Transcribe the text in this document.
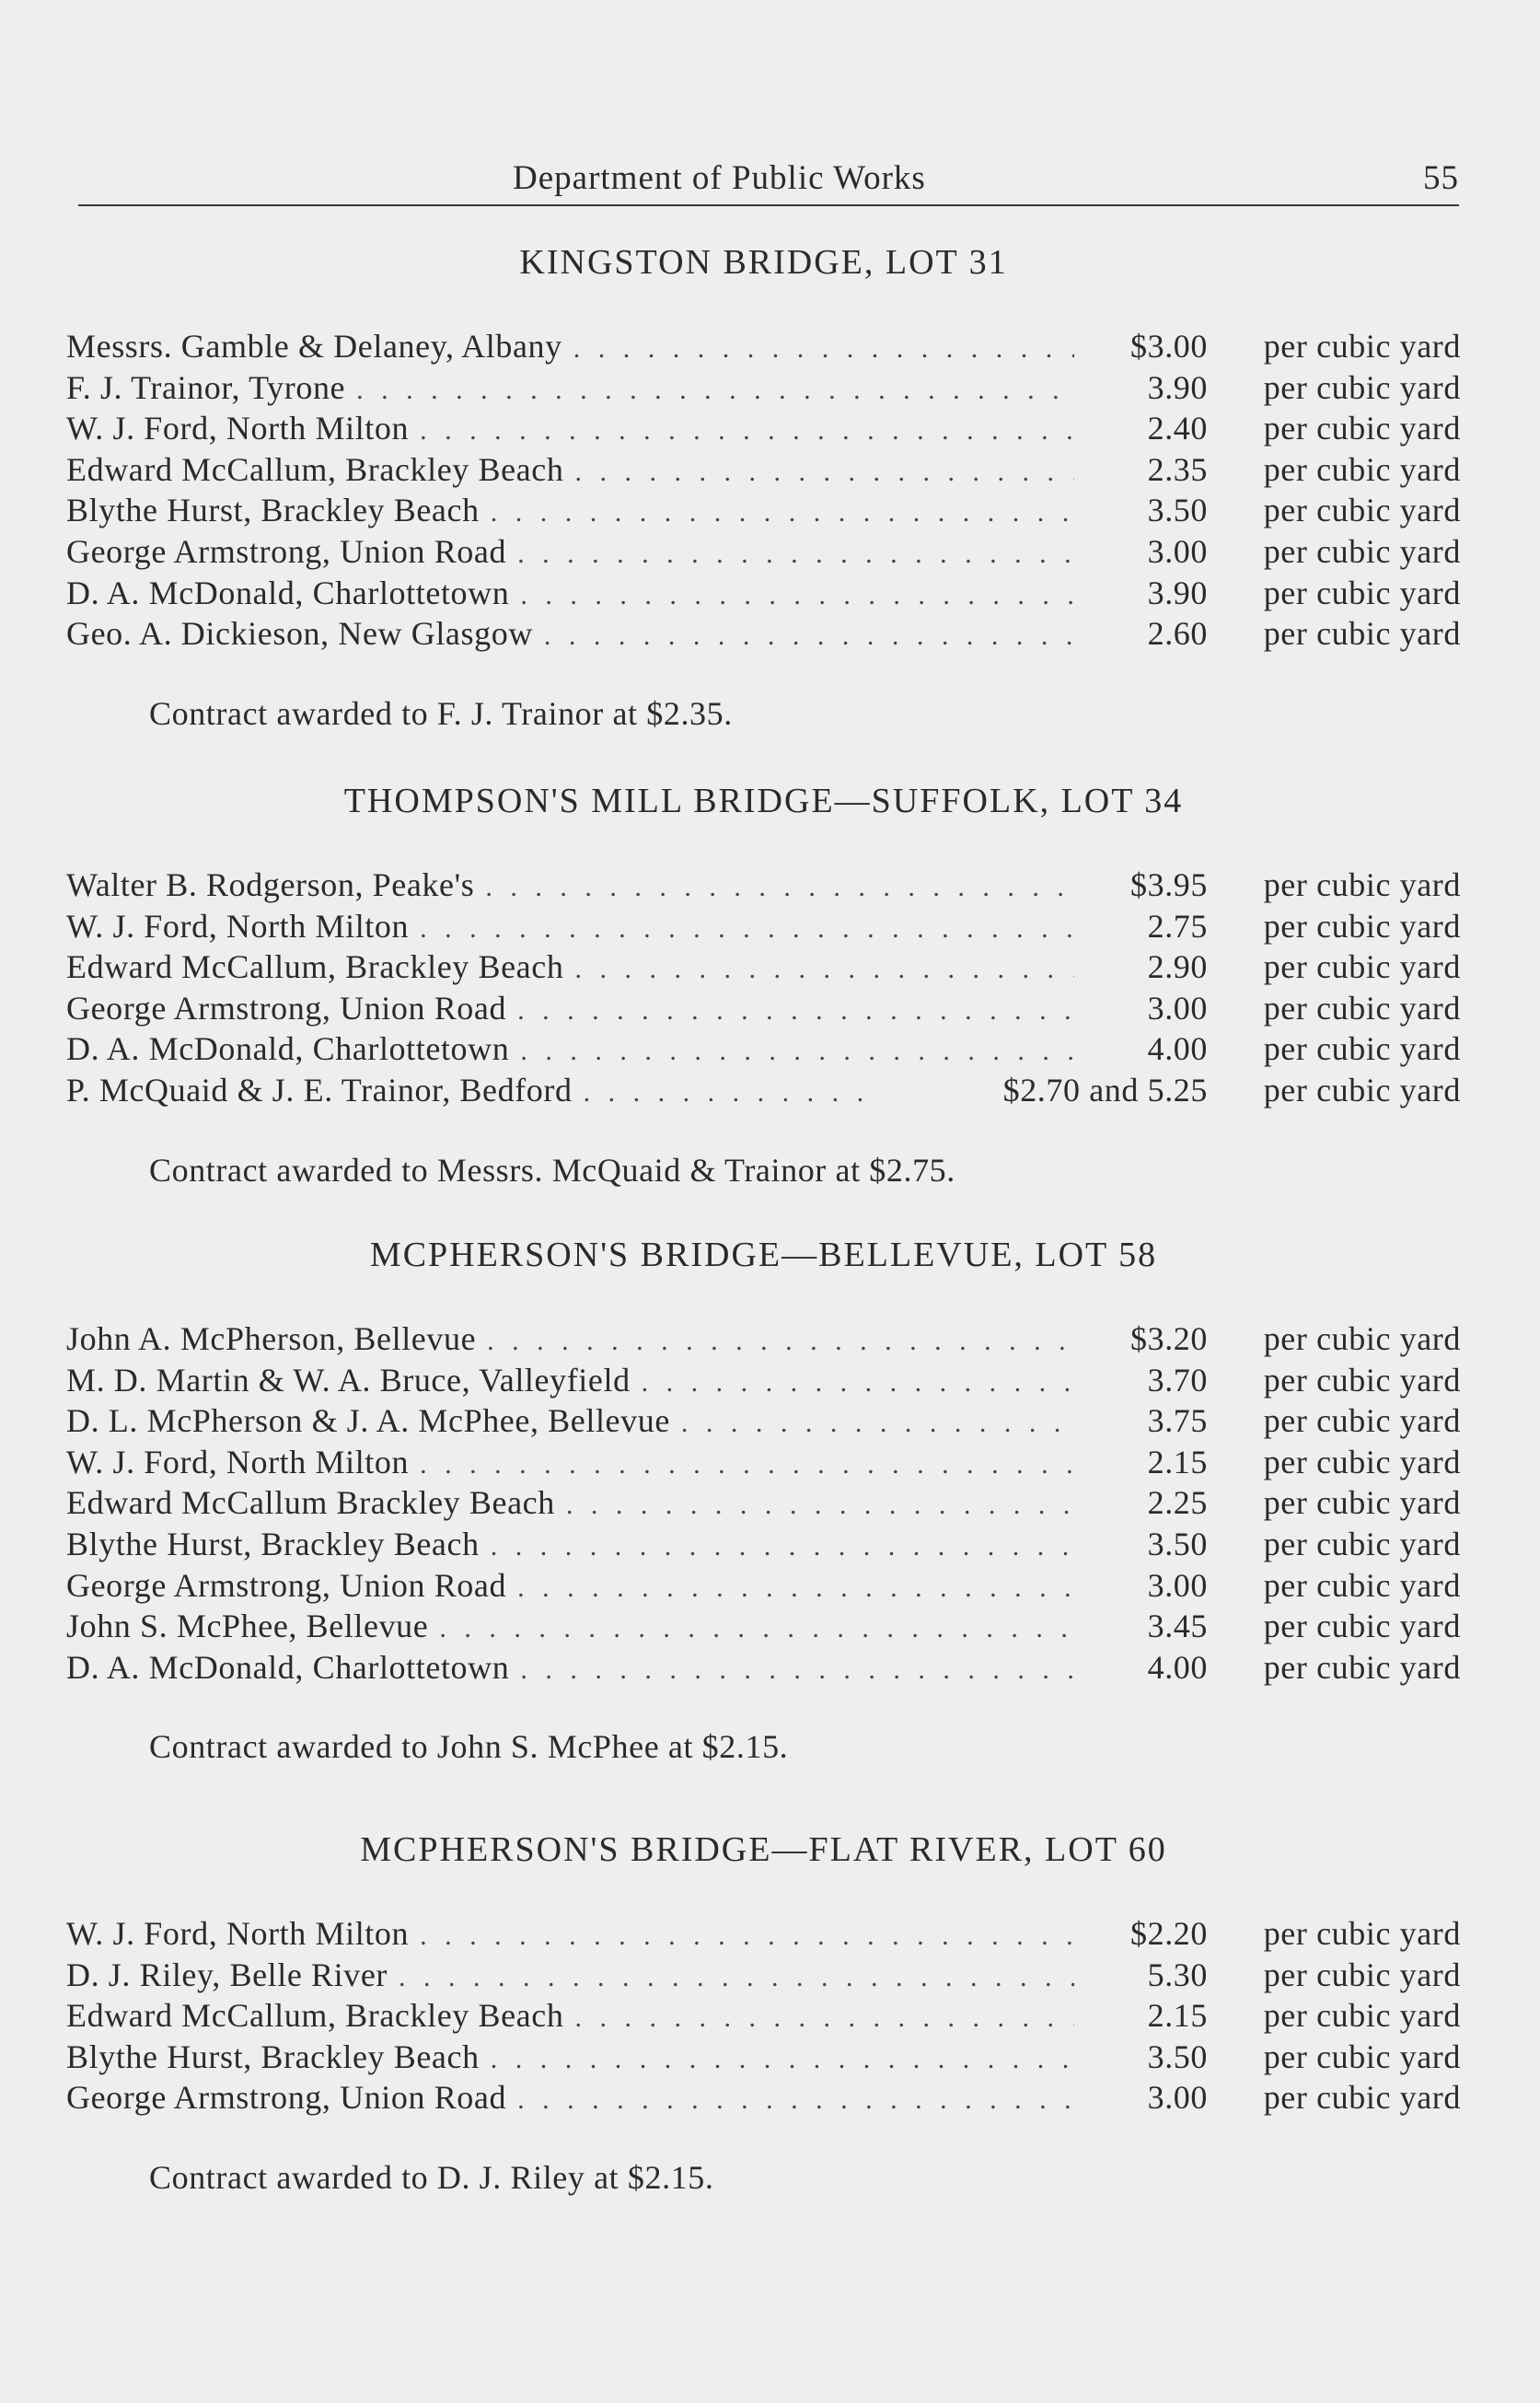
Department of Public Works	55
KINGSTON BRIDGE, LOT 31
Messrs. Gamble & Delaney, Albany . . .	$3.00	per cubic yard
F. J. Trainor, Tyrone . . .	3.90	per cubic yard
W. J. Ford, North Milton . . .	2.40	per cubic yard
Edward McCallum, Brackley Beach . . .	2.35	per cubic yard
Blythe Hurst, Brackley Beach . . .	3.50	per cubic yard
George Armstrong, Union Road . . .	3.00	per cubic yard
D. A. McDonald, Charlottetown . . .	3.90	per cubic yard
Geo. A. Dickieson, New Glasgow . . .	2.60	per cubic yard
Contract awarded to F. J. Trainor at $2.35.
THOMPSON'S MILL BRIDGE—SUFFOLK, LOT 34
Walter B. Rodgerson, Peake's . . .	$3.95	per cubic yard
W. J. Ford, North Milton . . .	2.75	per cubic yard
Edward McCallum, Brackley Beach . . .	2.90	per cubic yard
George Armstrong, Union Road . . .	3.00	per cubic yard
D. A. McDonald, Charlottetown . . .	4.00	per cubic yard
P. McQuaid & J. E. Trainor, Bedford . . .	$2.70 and 5.25	per cubic yard
Contract awarded to Messrs. McQuaid & Trainor at $2.75.
MCPHERSON'S BRIDGE—BELLEVUE, LOT 58
John A. McPherson, Bellevue . . .	$3.20	per cubic yard
M. D. Martin & W. A. Bruce, Valleyfield . . .	3.70	per cubic yard
D. L. McPherson & J. A. McPhee, Bellevue . . .	3.75	per cubic yard
W. J. Ford, North Milton . . .	2.15	per cubic yard
Edward McCallum Brackley Beach . . .	2.25	per cubic yard
Blythe Hurst, Brackley Beach . . .	3.50	per cubic yard
George Armstrong, Union Road . . .	3.00	per cubic yard
John S. McPhee, Bellevue . . .	3.45	per cubic yard
D. A. McDonald, Charlottetown . . .	4.00	per cubic yard
Contract awarded to John S. McPhee at $2.15.
MCPHERSON'S BRIDGE—FLAT RIVER, LOT 60
W. J. Ford, North Milton . . .	$2.20	per cubic yard
D. J. Riley, Belle River . . .	5.30	per cubic yard
Edward McCallum, Brackley Beach . . .	2.15	per cubic yard
Blythe Hurst, Brackley Beach . . .	3.50	per cubic yard
George Armstrong, Union Road . . .	3.00	per cubic yard
Contract awarded to D. J. Riley at $2.15.
